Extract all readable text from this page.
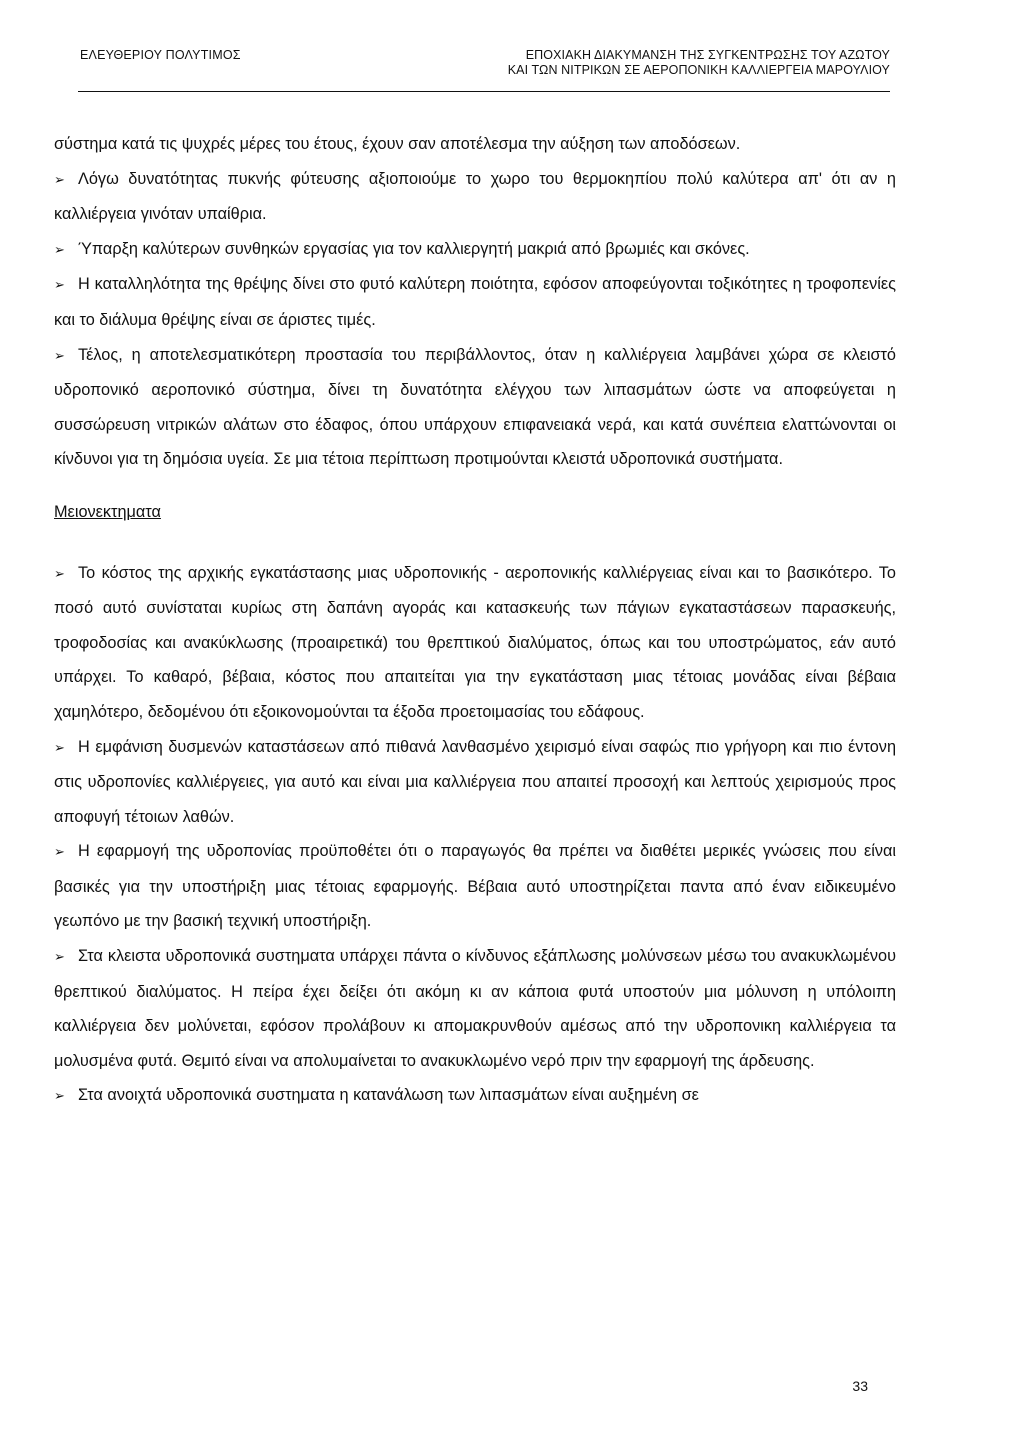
ΕΛΕΥΘΕΡΙΟΥ ΠΟΛΥΤΙΜΟΣ	ΕΠΟΧΙΑΚΗ ΔΙΑΚΥΜΑΝΣΗ ΤΗΣ ΣΥΓΚΕΝΤΡΩΣΗΣ ΤΟΥ ΑΖΩΤΟΥ
ΚΑΙ ΤΩΝ ΝΙΤΡΙΚΩΝ ΣΕ ΑΕΡΟΠΟΝΙΚΗ ΚΑΛΛΙΕΡΓΕΙΑ ΜΑΡΟΥΛΙΟΥ

σύστημα κατά τις ψυχρές μέρες του έτους, έχουν σαν αποτέλεσμα την αύξηση των αποδόσεων.

➢ Λόγω δυνατότητας πυκνής φύτευσης αξιοποιούμε το χωρο του θερμοκηπίου πολύ καλύτερα απ' ότι αν η καλλιέργεια γινόταν υπαίθρια.

➢ Ύπαρξη καλύτερων συνθηκών εργασίας για τον καλλιεργητή μακριά από βρωμιές και σκόνες.

➢ Η καταλληλότητα της θρέψης δίνει στο φυτό καλύτερη ποιότητα, εφόσον αποφεύγονται τοξικότητες η τροφοπενίες και το διάλυμα θρέψης είναι σε άριστες τιμές.

➢ Τέλος, η αποτελεσματικότερη προστασία του περιβάλλοντος, όταν η καλλιέργεια λαμβάνει χώρα σε κλειστό υδροπονικό αεροπονικό σύστημα, δίνει τη δυνατότητα ελέγχου των λιπασμάτων ώστε να αποφεύγεται η συσσώρευση νιτρικών αλάτων στο έδαφος, όπου υπάρχουν επιφανειακά νερά, και κατά συνέπεια ελαττώνονται οι κίνδυνοι για τη δημόσια υγεία. Σε μια τέτοια περίπτωση προτιμούνται κλειστά υδροπονικά συστήματα.

Μειονεκτηματα

➢ Το κόστος της αρχικής εγκατάστασης μιας υδροπονικής - αεροπονικής καλλιέργειας είναι και το βασικότερο. Το ποσό αυτό συνίσταται κυρίως στη δαπάνη αγοράς και κατασκευής των πάγιων εγκαταστάσεων παρασκευής, τροφοδοσίας και ανακύκλωσης (προαιρετικά) του θρεπτικού διαλύματος, όπως και του υποστρώματος, εάν αυτό υπάρχει. Το καθαρό, βέβαια, κόστος που απαιτείται για την εγκατάσταση μιας τέτοιας μονάδας είναι βέβαια χαμηλότερο, δεδομένου ότι εξοικονομούνται τα έξοδα προετοιμασίας του εδάφους.

➢ Η εμφάνιση δυσμενών καταστάσεων από πιθανά λανθασμένο χειρισμό είναι σαφώς πιο γρήγορη και πιο έντονη στις υδροπονίες καλλιέργειες, για αυτό και είναι μια καλλιέργεια που απαιτεί προσοχή και λεπτούς χειρισμούς προς αποφυγή τέτοιων λαθών.

➢ Η εφαρμογή της υδροπονίας προϋποθέτει ότι ο παραγωγός θα πρέπει να διαθέτει μερικές γνώσεις που είναι βασικές για την υποστήριξη μιας τέτοιας εφαρμογής. Βέβαια αυτό υποστηρίζεται παντα από έναν ειδικευμένο γεωπόνο με την βασική τεχνική υποστήριξη.

➢ Στα κλειστα υδροπονικά συστηματα υπάρχει πάντα ο κίνδυνος εξάπλωσης μολύνσεων μέσω του ανακυκλωμένου θρεπτικού διαλύματος. Η πείρα έχει δείξει ότι ακόμη κι αν κάποια φυτά υποστούν μια μόλυνση η υπόλοιπη καλλιέργεια δεν μολύνεται, εφόσον προλάβουν κι απομακρυνθούν αμέσως από την υδροπονικη καλλιέργεια τα μολυσμένα φυτά. Θεμιτό είναι να απολυμαίνεται το ανακυκλωμένο νερό πριν την εφαρμογή της άρδευσης.

➢ Στα ανοιχτά υδροπονικά συστηματα η κατανάλωση των λιπασμάτων είναι αυξημένη σε

33
